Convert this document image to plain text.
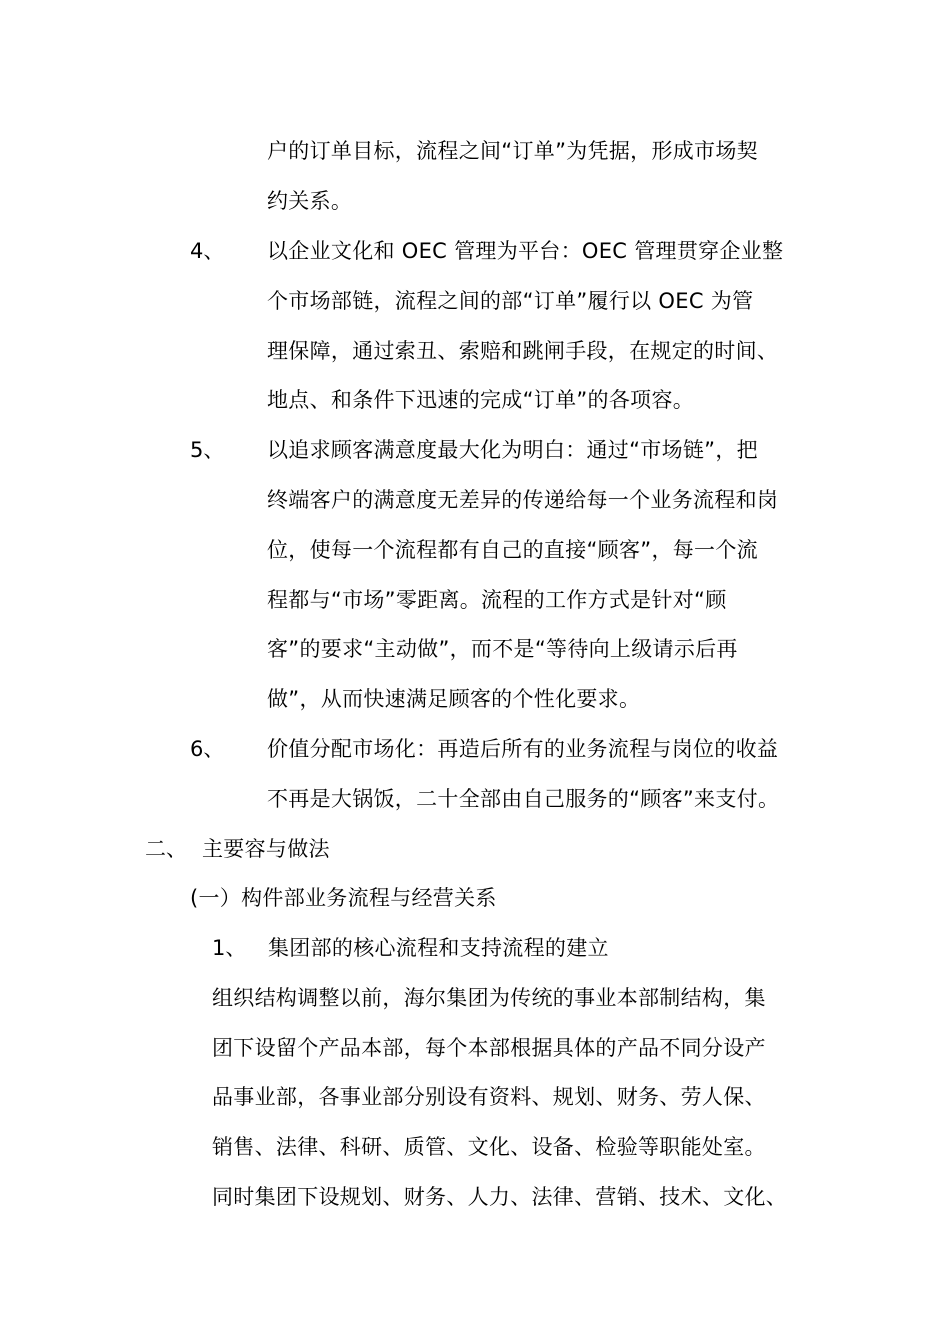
户的订单目标，流程之间“订单”为凭据，形成市场契
约关系。
4、 以企业文化和 OEC 管理为平台：OEC 管理贯穿企业整
个市场部链，流程之间的部“订单”履行以 OEC 为管
理保障，通过索丑、索赔和跳闸手段，在规定的时间、
地点、和条件下迅速的完成“订单”的各项容。
5、 以追求顾客满意度最大化为明白：通过“市场链”，把
终端客户的满意度无差异的传递给每一个业务流程和岗
位，使每一个流程都有自己的直接“顾客”，每一个流
程都与“市场”零距离。流程的工作方式是针对“顾
客”的要求“主动做”，而不是“等待向上级请示后再
做”，从而快速满足顾客的个性化要求。
6、 价值分配市场化：再造后所有的业务流程与岗位的收益
不再是大锅饭，二十全部由自己服务的“顾客”来支付。
二、 主要容与做法
(一）构件部业务流程与经营关系
1、 集团部的核心流程和支持流程的建立
组织结构调整以前，海尔集团为传统的事业本部制结构，集
团下设留个产品本部，每个本部根据具体的产品不同分设产
品事业部，各事业部分别设有资料、规划、财务、劳人保、
销售、法律、科研、质管、文化、设备、检验等职能处室。
同时集团下设规划、财务、人力、法律、营销、技术、文化、
